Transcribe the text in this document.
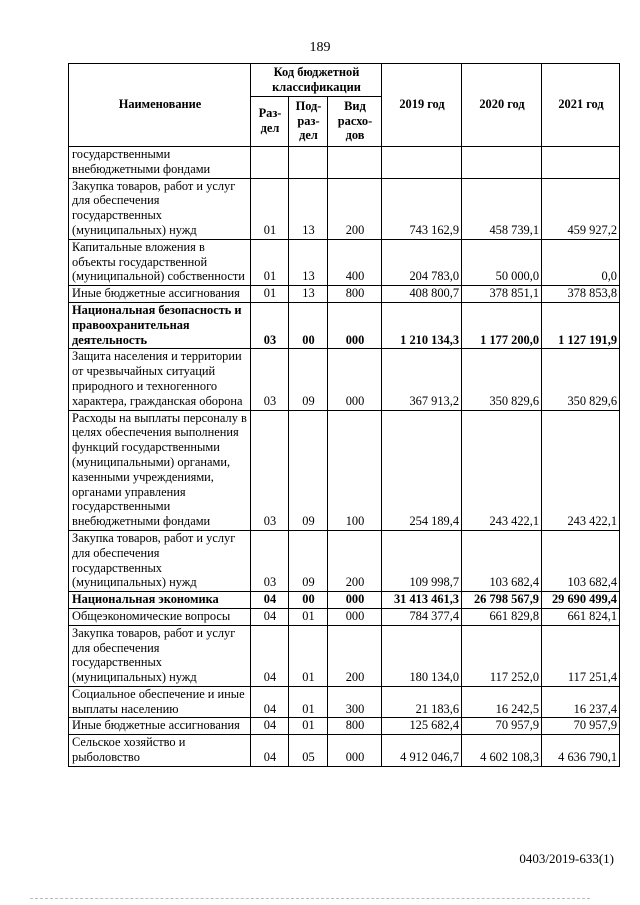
189
Наименование	Код бюджетной классификации			2019 год	2020 год	2021 год
	Раз- дел	Под- раз- дел	Вид расхо- дов			
государственными внебюджетными фондами						
Закупка товаров, работ и услуг для обеспечения государственных (муниципальных) нужд	01	13	200	743 162,9	458 739,1	459 927,2
Капитальные вложения в объекты государственной (муниципальной) собственности	01	13	400	204 783,0	50 000,0	0,0
Иные бюджетные ассигнования	01	13	800	408 800,7	378 851,1	378 853,8
Национальная безопасность и правоохранительная деятельность	03	00	000	1 210 134,3	1 177 200,0	1 127 191,9
Защита населения и территории от чрезвычайных ситуаций природного и техногенного характера, гражданская оборона	03	09	000	367 913,2	350 829,6	350 829,6
Расходы на выплаты персоналу в целях обеспечения выполнения функций государственными (муниципальными) органами, казенными учреждениями, органами управления государственными внебюджетными фондами	03	09	100	254 189,4	243 422,1	243 422,1
Закупка товаров, работ и услуг для обеспечения государственных (муниципальных) нужд	03	09	200	109 998,7	103 682,4	103 682,4
Национальная экономика	04	00	000	31 413 461,3	26 798 567,9	29 690 499,4
Общеэкономические вопросы	04	01	000	784 377,4	661 829,8	661 824,1
Закупка товаров, работ и услуг для обеспечения государственных (муниципальных) нужд	04	01	200	180 134,0	117 252,0	117 251,4
Социальное обеспечение и иные выплаты населению	04	01	300	21 183,6	16 242,5	16 237,4
Иные бюджетные ассигнования	04	01	800	125 682,4	70 957,9	70 957,9
Сельское хозяйство и рыболовство	04	05	000	4 912 046,7	4 602 108,3	4 636 790,1
0403/2019-633(1)
